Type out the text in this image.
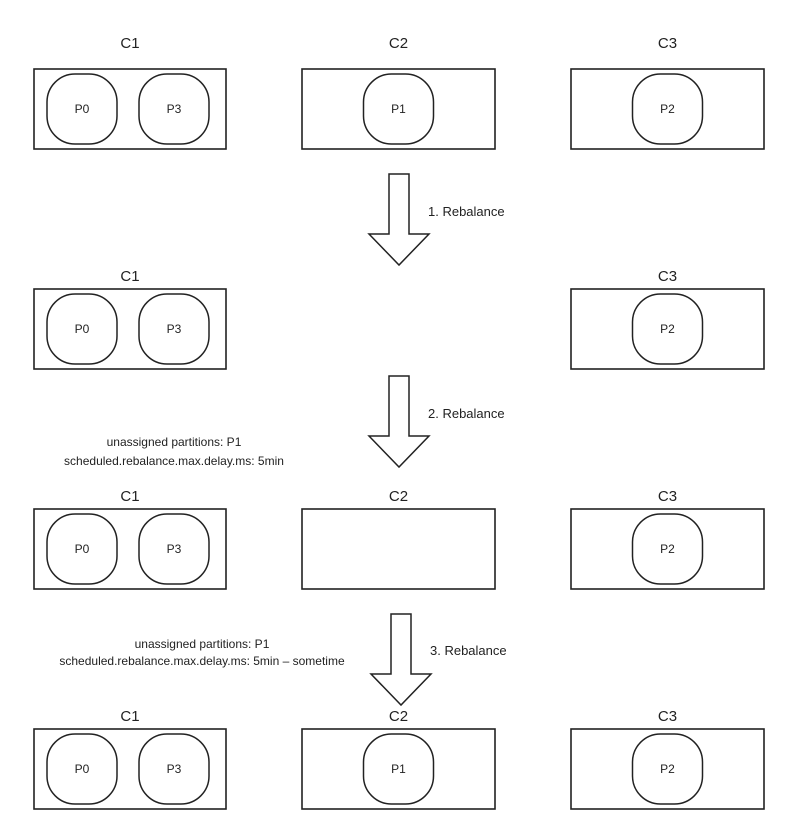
C1
P0	P3
C2
P1
C3
P2
C1
P0	P3
C3
P2
C1
P0	P3
C2	C3
P2
C1
P0	P3
C2
P1
C3
P2
1. Rebalance
2. Rebalance
unassigned partitions: P1
scheduled.rebalance.max.delay.ms: 5min
3. Rebalance
unassigned partitions: P1
scheduled.rebalance.max.delay.ms: 5min – sometime
